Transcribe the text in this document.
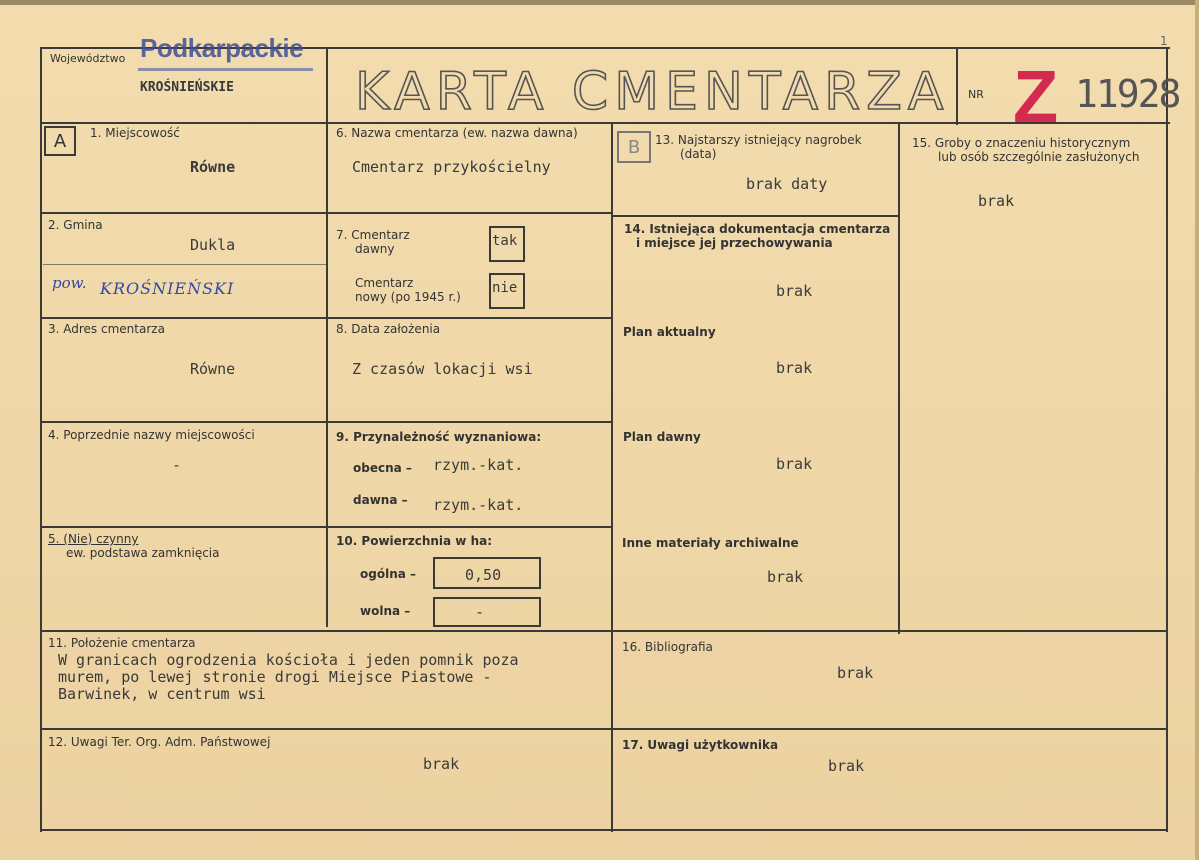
Województwo Podkarpackie
KROŚNIEŃSKIE KARTA CMENTARZA NR Z 11928
1
A	1. Miejscowość
Równe
2. Gmina
Dukla
pow. KROŚNIEŃSKI
3. Adres cmentarza
Równe
4. Poprzednie nazwy miejscowości
-
5. (Nie) czynny
ew. podstawa zamknięcia
6. Nazwa cmentarza (ew. nazwa dawna)
Cmentarz przykościelny
7. Cmentarz
dawny	tak
Cmentarz
nowy (po 1945 r.)
nie
8. Data założenia
Z czasów lokacji wsi
9. Przynależność wyznaniowa:
obecna – rzym.-kat.
dawna – rzym.-kat.
10. Powierzchnia w ha:
ogólna –	0,50
wolna –	-
B	13. Najstarszy istniejący nagrobek
(data)
brak daty
14. Istniejąca dokumentacja cmentarza
i miejsce jej przechowywania
brak
Plan aktualny
brak
Plan dawny
brak
Inne materiały archiwalne
brak
15. Groby o znaczeniu historycznym
lub osób szczególnie zasłużonych
brak
11. Położenie cmentarza
W granicach ogrodzenia kościoła i jeden pomnik poza
murem, po lewej stronie drogi Miejsce Piastowe -
Barwinek, w centrum wsi
16. Bibliografia
brak
12. Uwagi Ter. Org. Adm. Państwowej
brak
17. Uwagi użytkownika
brak
